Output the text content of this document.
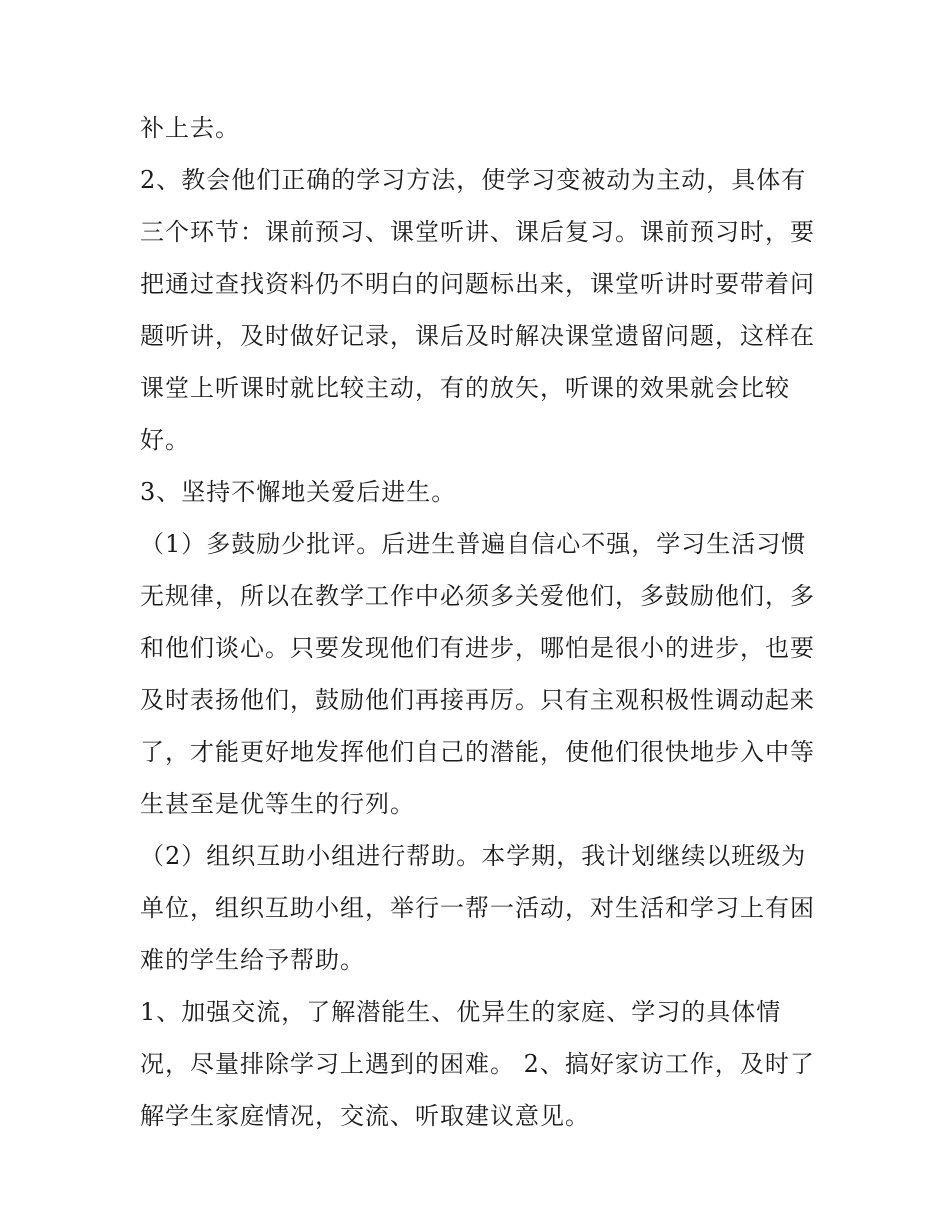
补上去。
2、教会他们正确的学习方法，使学习变被动为主动，具体有
三个环节：课前预习、课堂听讲、课后复习。课前预习时，要
把通过查找资料仍不明白的问题标出来，课堂听讲时要带着问
题听讲，及时做好记录，课后及时解决课堂遗留问题，这样在
课堂上听课时就比较主动，有的放矢，听课的效果就会比较
好。
3、坚持不懈地关爱后进生。
（1）多鼓励少批评。后进生普遍自信心不强，学习生活习惯
无规律，所以在教学工作中必须多关爱他们，多鼓励他们，多
和他们谈心。只要发现他们有进步，哪怕是很小的进步，也要
及时表扬他们，鼓励他们再接再厉。只有主观积极性调动起来
了，才能更好地发挥他们自己的潜能，使他们很快地步入中等
生甚至是优等生的行列。
（2）组织互助小组进行帮助。本学期，我计划继续以班级为
单位，组织互助小组，举行一帮一活动，对生活和学习上有困
难的学生给予帮助。
1、加强交流，了解潜能生、优异生的家庭、学习的具体情
况，尽量排除学习上遇到的困难。 2、搞好家访工作，及时了
解学生家庭情况，交流、听取建议意见。
